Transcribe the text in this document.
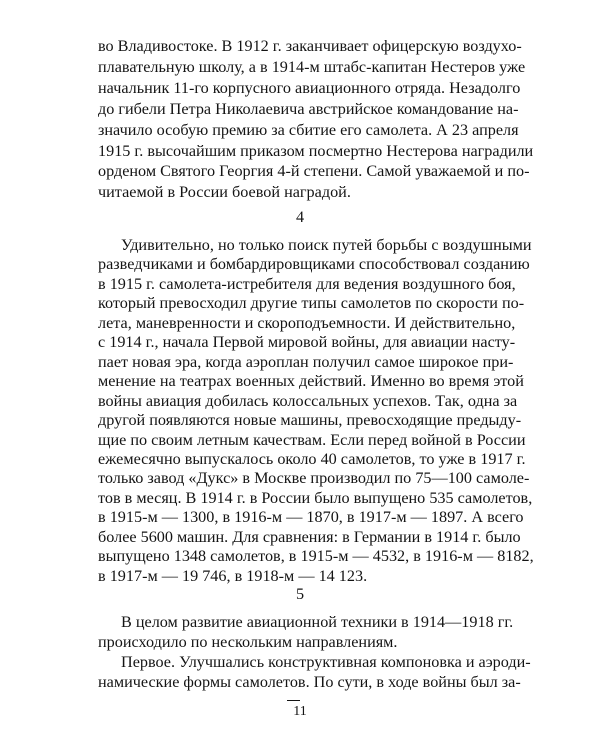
во Владивостоке. В 1912 г. заканчивает офицерскую воздухо-
плавательную школу, а в 1914-м штабс-капитан Нестеров уже
начальник 11-го корпусного авиационного отряда. Незадолго
до гибели Петра Николаевича австрийское командование на-
значило особую премию за сбитие его самолета. А 23 апреля
1915 г. высочайшим приказом посмертно Нестерова наградили
орденом Святого Георгия 4-й степени. Самой уважаемой и по-
читаемой в России боевой наградой.
4
Удивительно, но только поиск путей борьбы с воздушными
разведчиками и бомбардировщиками способствовал созданию
в 1915 г. самолета-истребителя для ведения воздушного боя,
который превосходил другие типы самолетов по скорости по-
лета, маневренности и скороподъемности. И действительно,
с 1914 г., начала Первой мировой войны, для авиации насту-
пает новая эра, когда аэроплан получил самое широкое при-
менение на театрах военных действий. Именно во время этой
войны авиация добилась колоссальных успехов. Так, одна за
другой появляются новые машины, превосходящие предыду-
щие по своим летным качествам. Если перед войной в России
ежемесячно выпускалось около 40 самолетов, то уже в 1917 г.
только завод «Дукс» в Москве производил по 75—100 самоле-
тов в месяц. В 1914 г. в России было выпущено 535 самолетов,
в 1915-м — 1300, в 1916-м — 1870, в 1917-м — 1897. А всего
более 5600 машин. Для сравнения: в Германии в 1914 г. было
выпущено 1348 самолетов, в 1915-м — 4532, в 1916-м — 8182,
в 1917-м — 19 746, в 1918-м — 14 123.
5
В целом развитие авиационной техники в 1914—1918 гг.
происходило по нескольким направлениям.
Первое. Улучшались конструктивная компоновка и аэроди-
намические формы самолетов. По сути, в ходе войны был за-
11
